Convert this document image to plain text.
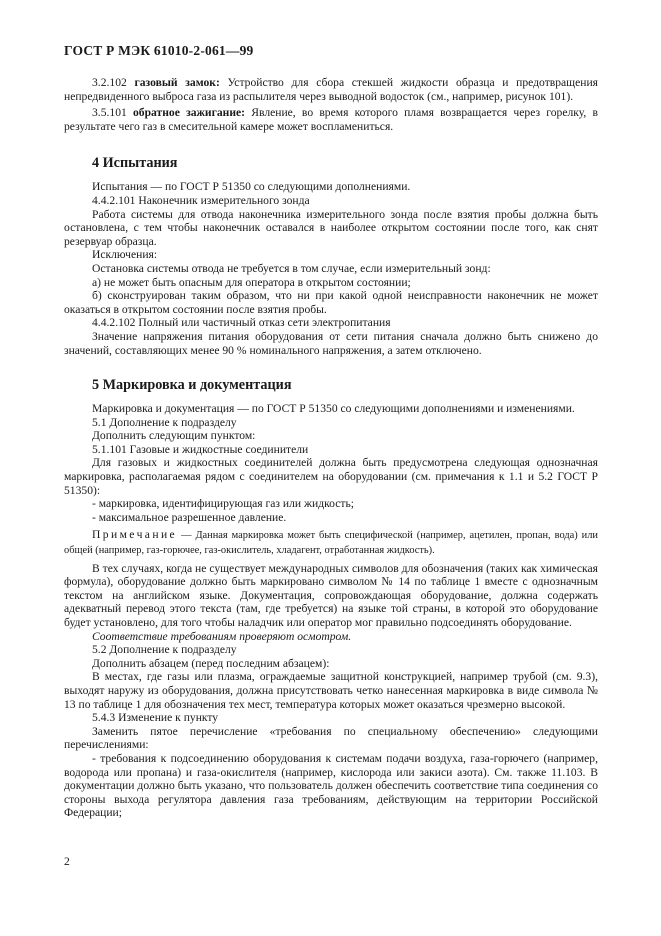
ГОСТ Р МЭК 61010-2-061—99

3.2.102 газовый замок: Устройство для сбора стекшей жидкости образца и предотвращения непредвиденного выброса газа из распылителя через выводной водосток (см., например, рисунок 101).

3.5.101 обратное зажигание: Явление, во время которого пламя возвращается через горелку, в результате чего газ в смесительной камере может воспламениться.

4 Испытания

Испытания — по ГОСТ Р 51350 со следующими дополнениями.

4.4.2.101 Наконечник измерительного зонда

Работа системы для отвода наконечника измерительного зонда после взятия пробы должна быть остановлена, с тем чтобы наконечник оставался в наиболее открытом состоянии после того, как снят резервуар образца.

Исключения:

Остановка системы отвода не требуется в том случае, если измерительный зонд:

а) не может быть опасным для оператора в открытом состоянии;

б) сконструирован таким образом, что ни при какой одной неисправности наконечник не может оказаться в открытом состоянии после взятия пробы.

4.4.2.102 Полный или частичный отказ сети электропитания

Значение напряжения питания оборудования от сети питания сначала должно быть снижено до значений, составляющих менее 90 % номинального напряжения, а затем отключено.

5 Маркировка и документация

Маркировка и документация — по ГОСТ Р 51350 со следующими дополнениями и изменениями.

5.1 Дополнение к подразделу

Дополнить следующим пунктом:

5.1.101 Газовые и жидкостные соединители

Для газовых и жидкостных соединителей должна быть предусмотрена следующая однозначная маркировка, располагаемая рядом с соединителем на оборудовании (см. примечания к 1.1 и 5.2 ГОСТ Р 51350):

- маркировка, идентифицирующая газ или жидкость;

- максимальное разрешенное давление.

Примечание — Данная маркировка может быть специфической (например, ацетилен, пропан, вода) или общей (например, газ-горючее, газ-окислитель, хладагент, отработанная жидкость).

В тех случаях, когда не существует международных символов для обозначения (таких как химическая формула), оборудование должно быть маркировано символом № 14 по таблице 1 вместе с однозначным текстом на английском языке. Документация, сопровождающая оборудование, должна содержать адекватный перевод этого текста (там, где требуется) на языке той страны, в которой это оборудование будет установлено, для того чтобы наладчик или оператор мог правильно подсоединять оборудование.

Соответствие требованиям проверяют осмотром.

5.2 Дополнение к подразделу

Дополнить абзацем (перед последним абзацем):

В местах, где газы или плазма, ограждаемые защитной конструкцией, например трубой (см. 9.3), выходят наружу из оборудования, должна присутствовать четко нанесенная маркировка в виде символа № 13 по таблице 1 для обозначения тех мест, температура которых может оказаться чрезмерно высокой.

5.4.3 Изменение к пункту

Заменить пятое перечисление «требования по специальному обеспечению» следующими перечислениями:

- требования к подсоединению оборудования к системам подачи воздуха, газа-горючего (например, водорода или пропана) и газа-окислителя (например, кислорода или закиси азота). См. также 11.103. В документации должно быть указано, что пользователь должен обеспечить соответствие типа соединения со стороны выхода регулятора давления газа требованиям, действующим на территории Российской Федерации;

2
